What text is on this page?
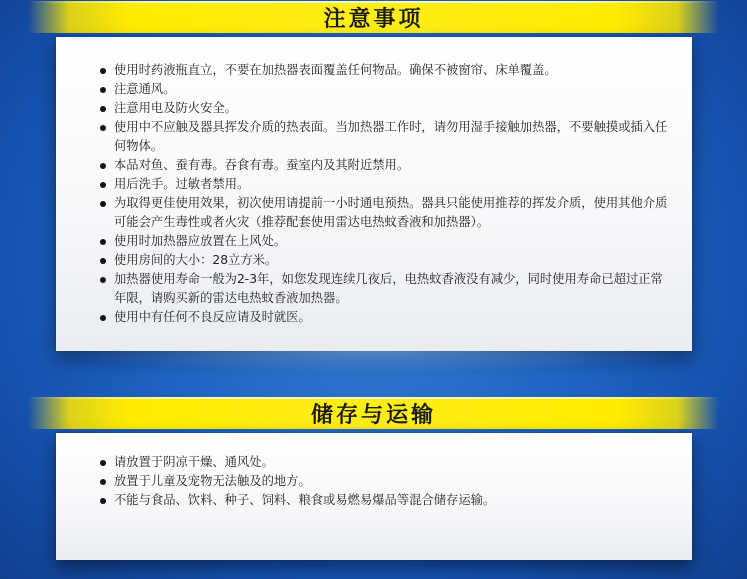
注意事项
使用时药液瓶直立，不要在加热器表面覆盖任何物品。确保不被窗帘、床单覆盖。
注意通风。
注意用电及防火安全。
使用中不应触及器具挥发介质的热表面。当加热器工作时，请勿用湿手接触加热器，不要触摸或插入任何物体。
本品对鱼、蚕有毒。吞食有毒。蚕室内及其附近禁用。
用后洗手。过敏者禁用。
为取得更佳使用效果，初次使用请提前一小时通电预热。器具只能使用推荐的挥发介质，使用其他介质可能会产生毒性或者火灾（推荐配套使用雷达电热蚊香液和加热器）。
使用时加热器应放置在上风处。
使用房间的大小：28立方米。
加热器使用寿命一般为2-3年，如您发现连续几夜后，电热蚊香液没有减少，同时使用寿命已超过正常年限，请购买新的雷达电热蚊香液加热器。
使用中有任何不良反应请及时就医。
储存与运输
请放置于阴凉干燥、通风处。
放置于儿童及宠物无法触及的地方。
不能与食品、饮料、种子、饲料、粮食或易燃易爆品等混合储存运输。
